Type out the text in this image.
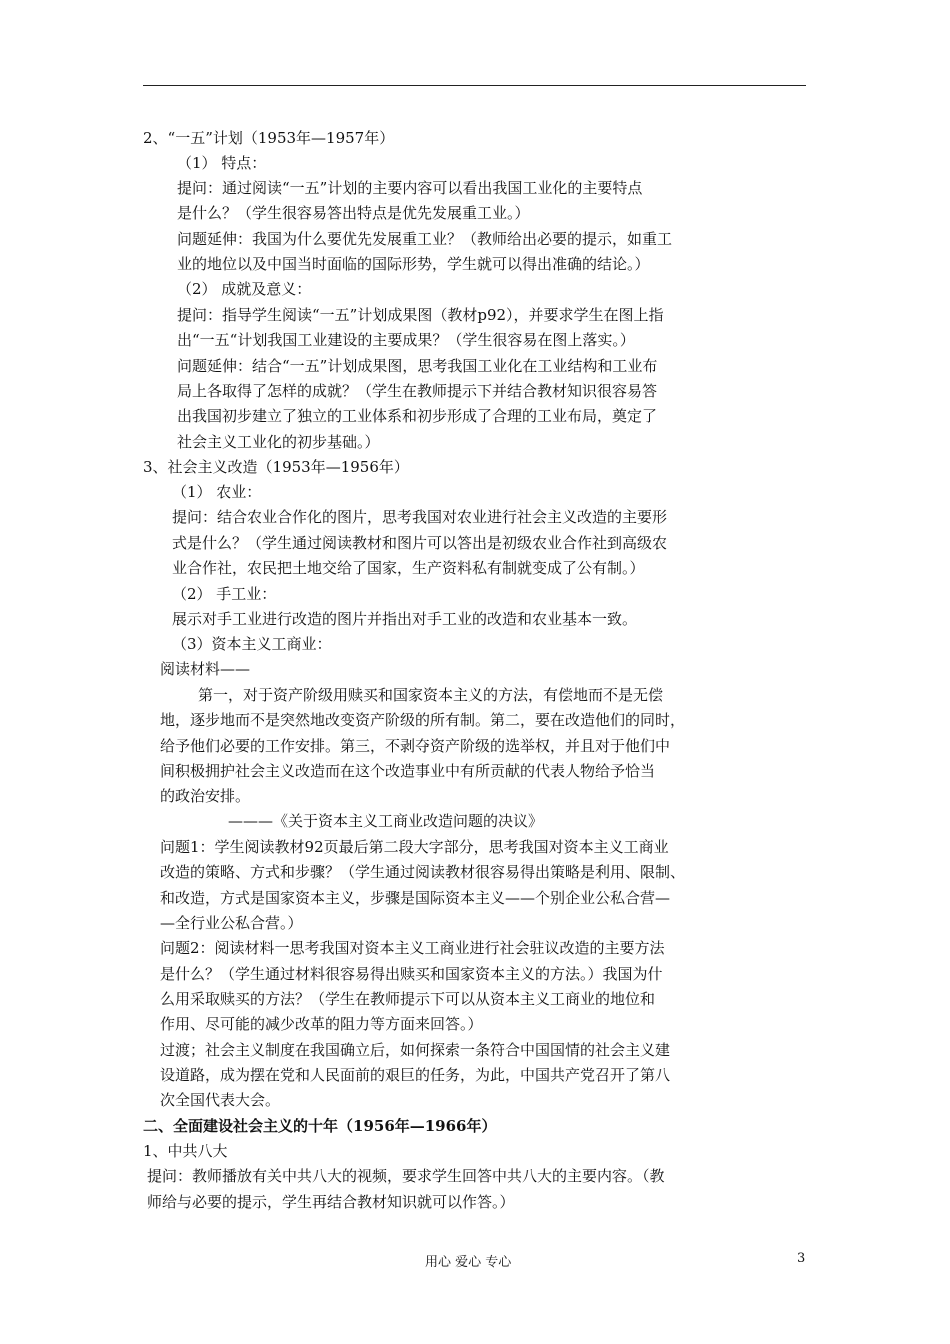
2、“一五”计划（1953年—1957年）
（1） 特点：
提问：通过阅读“一五”计划的主要内容可以看出我国工业化的主要特点
是什么？（学生很容易答出特点是优先发展重工业。）
问题延伸：我国为什么要优先发展重工业？（教师给出必要的提示，如重工
业的地位以及中国当时面临的国际形势，学生就可以得出准确的结论。）
（2） 成就及意义：
提问：指导学生阅读“一五”计划成果图（教材p92），并要求学生在图上指
出“一五“计划我国工业建设的主要成果？（学生很容易在图上落实。）
问题延伸：结合“一五”计划成果图，思考我国工业化在工业结构和工业布
局上各取得了怎样的成就？（学生在教师提示下并结合教材知识很容易答
出我国初步建立了独立的工业体系和初步形成了合理的工业布局，奠定了
社会主义工业化的初步基础。）
3、社会主义改造（1953年—1956年）
（1） 农业：
提问：结合农业合作化的图片，思考我国对农业进行社会主义改造的主要形
式是什么？（学生通过阅读教材和图片可以答出是初级农业合作社到高级农
业合作社，农民把土地交给了国家，生产资料私有制就变成了公有制。）
（2） 手工业：
展示对手工业进行改造的图片并指出对手工业的改造和农业基本一致。
（3）资本主义工商业：
阅读材料——
第一，对于资产阶级用赎买和国家资本主义的方法，有偿地而不是无偿
地，逐步地而不是突然地改变资产阶级的所有制。第二，要在改造他们的同时，
给予他们必要的工作安排。第三，不剥夺资产阶级的选举权，并且对于他们中
间积极拥护社会主义改造而在这个改造事业中有所贡献的代表人物给予恰当
的政治安排。
———《关于资本主义工商业改造问题的决议》
问题1：学生阅读教材92页最后第二段大字部分，思考我国对资本主义工商业
改造的策略、方式和步骤？（学生通过阅读教材很容易得出策略是利用、限制、
和改造，方式是国家资本主义，步骤是国际资本主义——个别企业公私合营—
—全行业公私合营。）
问题2：阅读材料一思考我国对资本主义工商业进行社会驻议改造的主要方法
是什么？（学生通过材料很容易得出赎买和国家资本主义的方法。）我国为什
么用采取赎买的方法？（学生在教师提示下可以从资本主义工商业的地位和
作用、尽可能的减少改革的阻力等方面来回答。）
过渡；社会主义制度在我国确立后，如何探索一条符合中国国情的社会主义建
设道路，成为摆在党和人民面前的艰巨的任务，为此，中国共产党召开了第八
次全国代表大会。
二、全面建设社会主义的十年（1956年—1966年）
1、中共八大
提问：教师播放有关中共八大的视频，要求学生回答中共八大的主要内容。（教
师给与必要的提示，学生再结合教材知识就可以作答。）
用心 爱心 专心	3
